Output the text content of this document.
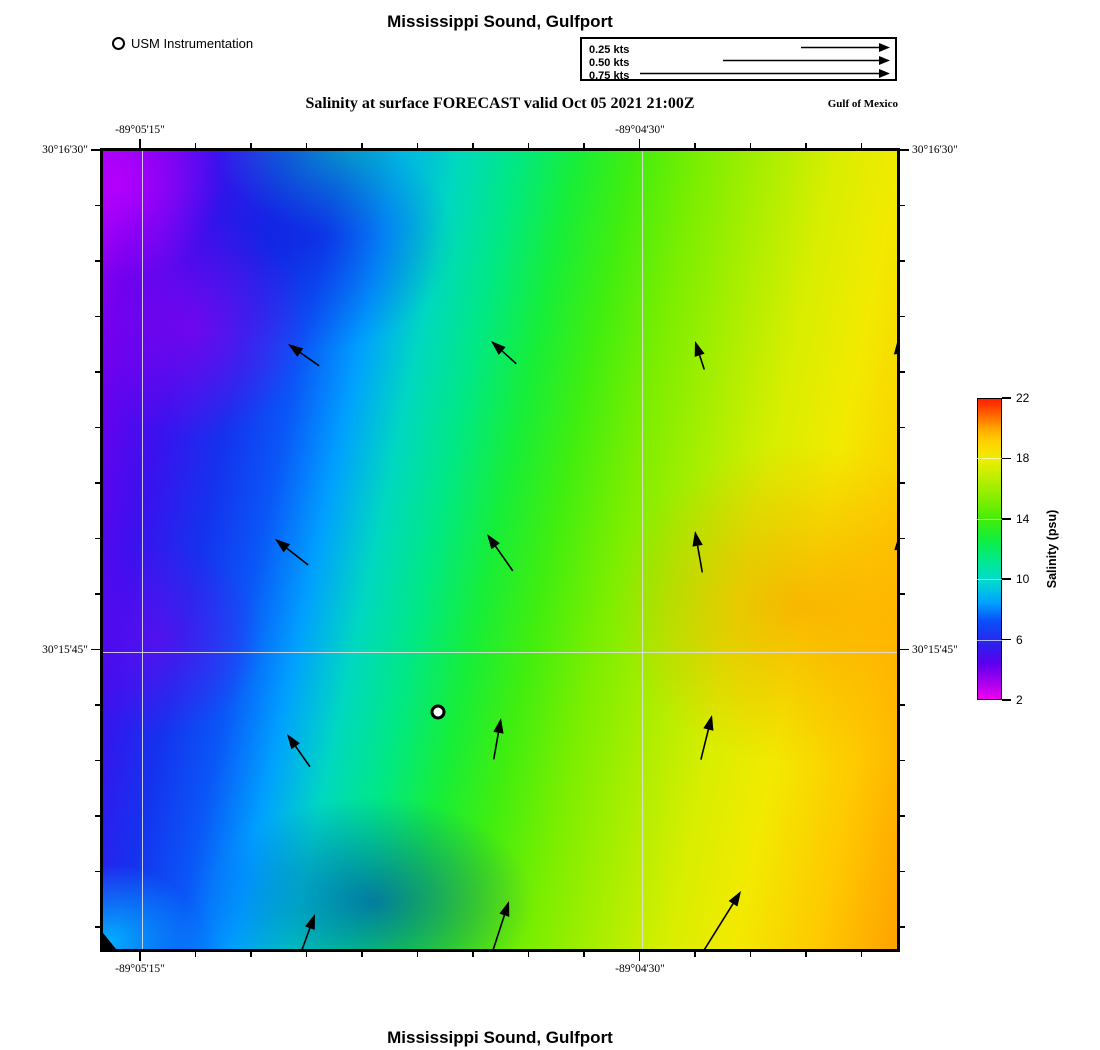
Mississippi Sound, Gulfport
USM Instrumentation	0.25 kts
0.50 kts
0.75 kts
Salinity at surface FORECAST valid Oct 05 2021 21:00Z	Gulf of Mexico
-89°05'15"	-89°04'30"
-89°05'15"	-89°04'30"
30°16'30"
30°15'45"
30°16'30"
30°15'45"
2
6
10
14
18
22
Salinity (psu)
Mississippi Sound, Gulfport
